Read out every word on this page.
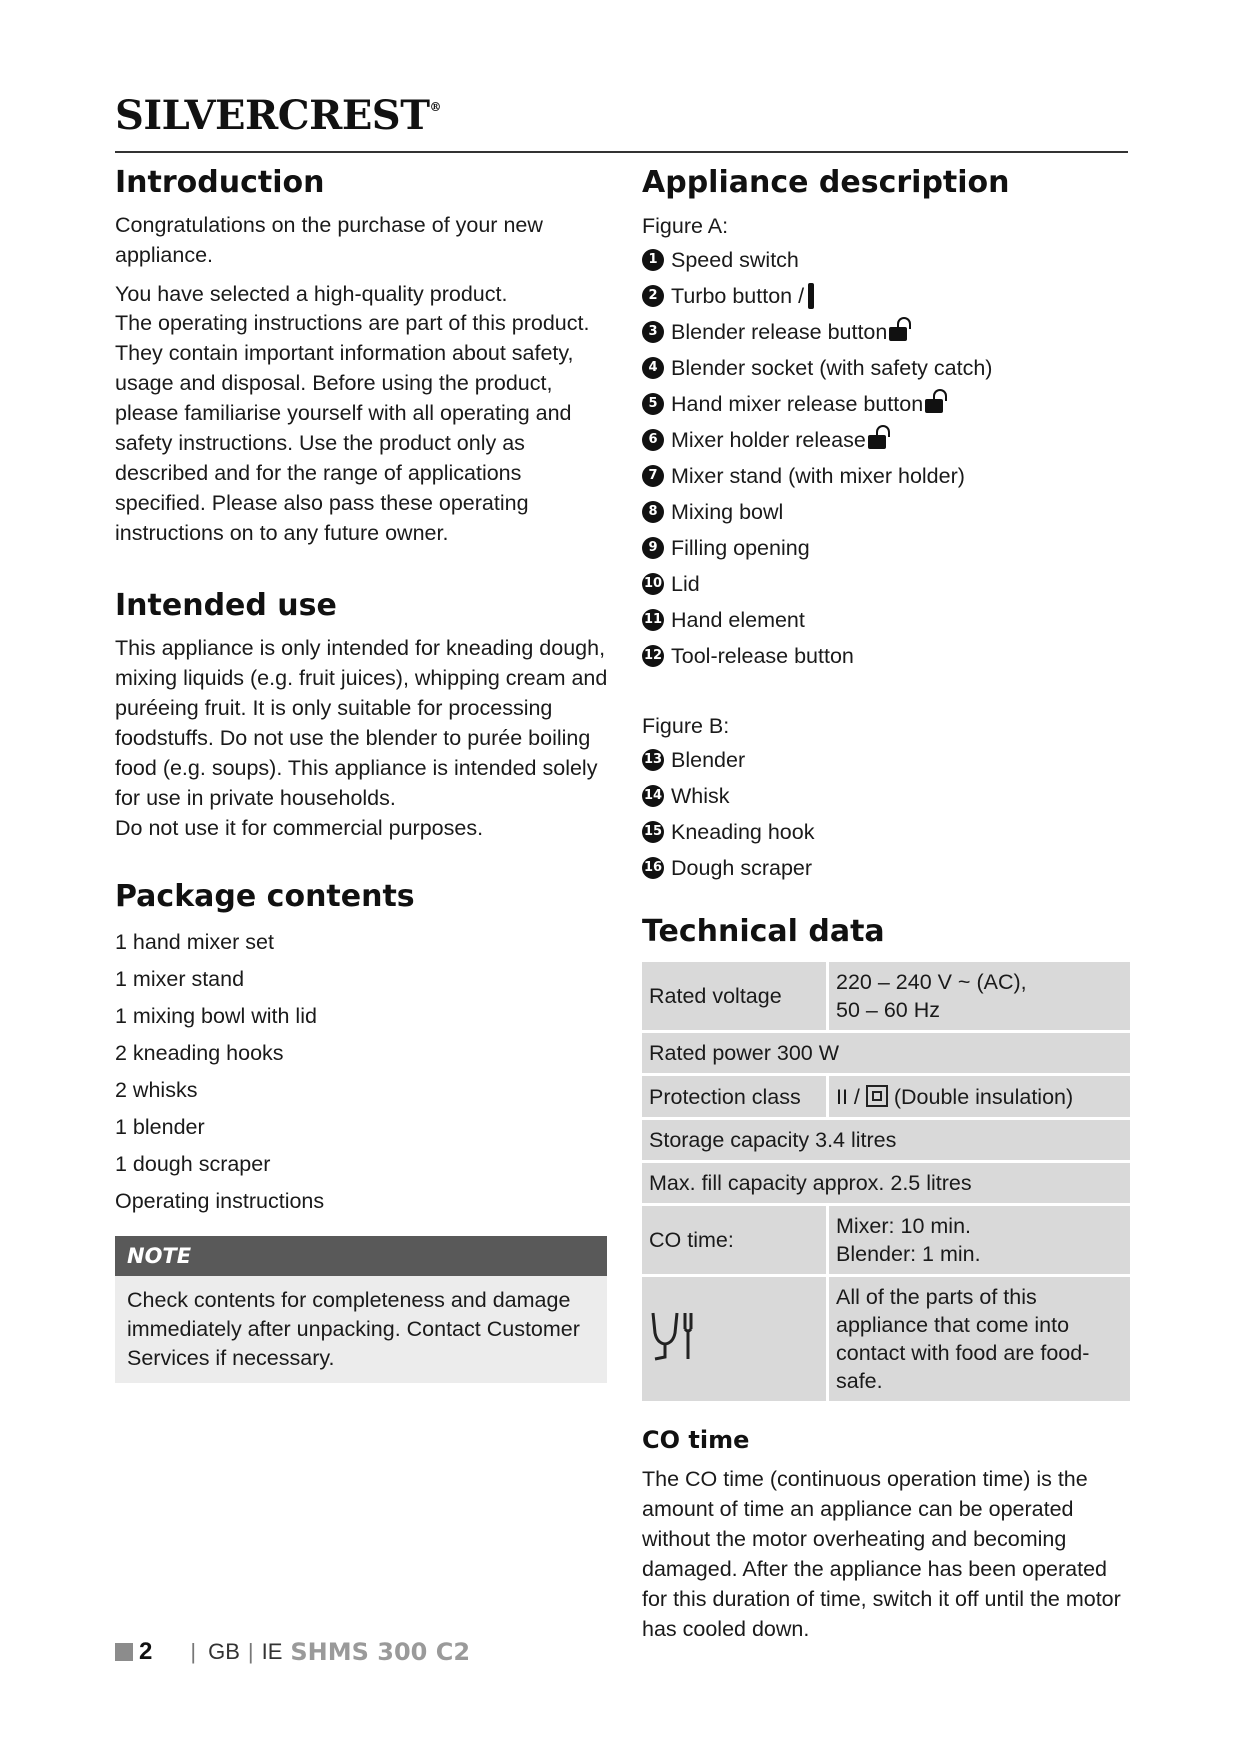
SILVERCREST®
Introduction

Congratulations on the purchase of your new appliance.

You have selected a high-quality product.

The operating instructions are part of this product. They contain important information about safety, usage and disposal. Before using the product, please familiarise yourself with all operating and safety instructions. Use the product only as described and for the range of applications specified. Please also pass these operating instructions on to any future owner.

Intended use

This appliance is only intended for kneading dough, mixing liquids (e.g. fruit juices), whipping cream and puréeing fruit. It is only suitable for processing foodstuffs. Do not use the blender to purée boiling food (e.g. soups). This appliance is intended solely for use in private households.

Do not use it for commercial purposes.

Package contents
1 hand mixer set
1 mixer stand
1 mixing bowl with lid
2 kneading hooks
2 whisks
1 blender
1 dough scraper
Operating instructions
NOTE
Check contents for completeness and damage immediately after unpacking. Contact Customer Services if necessary.
Appliance description
Figure A:
1 Speed switch
2 Turbo button /
3 Blender release button
4 Blender socket (with safety catch)
5 Hand mixer release button
6 Mixer holder release
7 Mixer stand (with mixer holder)
8 Mixing bowl
9 Filling opening
10 Lid
11 Hand element
12 Tool-release button
Figure B:
13 Blender
14 Whisk
15 Kneading hook
16 Dough scraper
Technical data
Rated voltage	220 – 240 V ~ (AC),
50 – 60 Hz

Rated power 300 W	
Protection class	II / (Double insulation)
Storage capacity 3.4 litres	
Max. fill capacity approx. 2.5 litres	
CO time:	Mixer: 10 min.
Blender: 1 min.

	All of the parts of this appliance that come into contact with food are food-safe.
CO time

The CO time (continuous operation time) is the amount of time an appliance can be operated without the motor overheating and becoming damaged. After the appliance has been operated for this duration of time, switch it off until the motor has cooled down.

2 | GB | IE SHMS 300 C2
